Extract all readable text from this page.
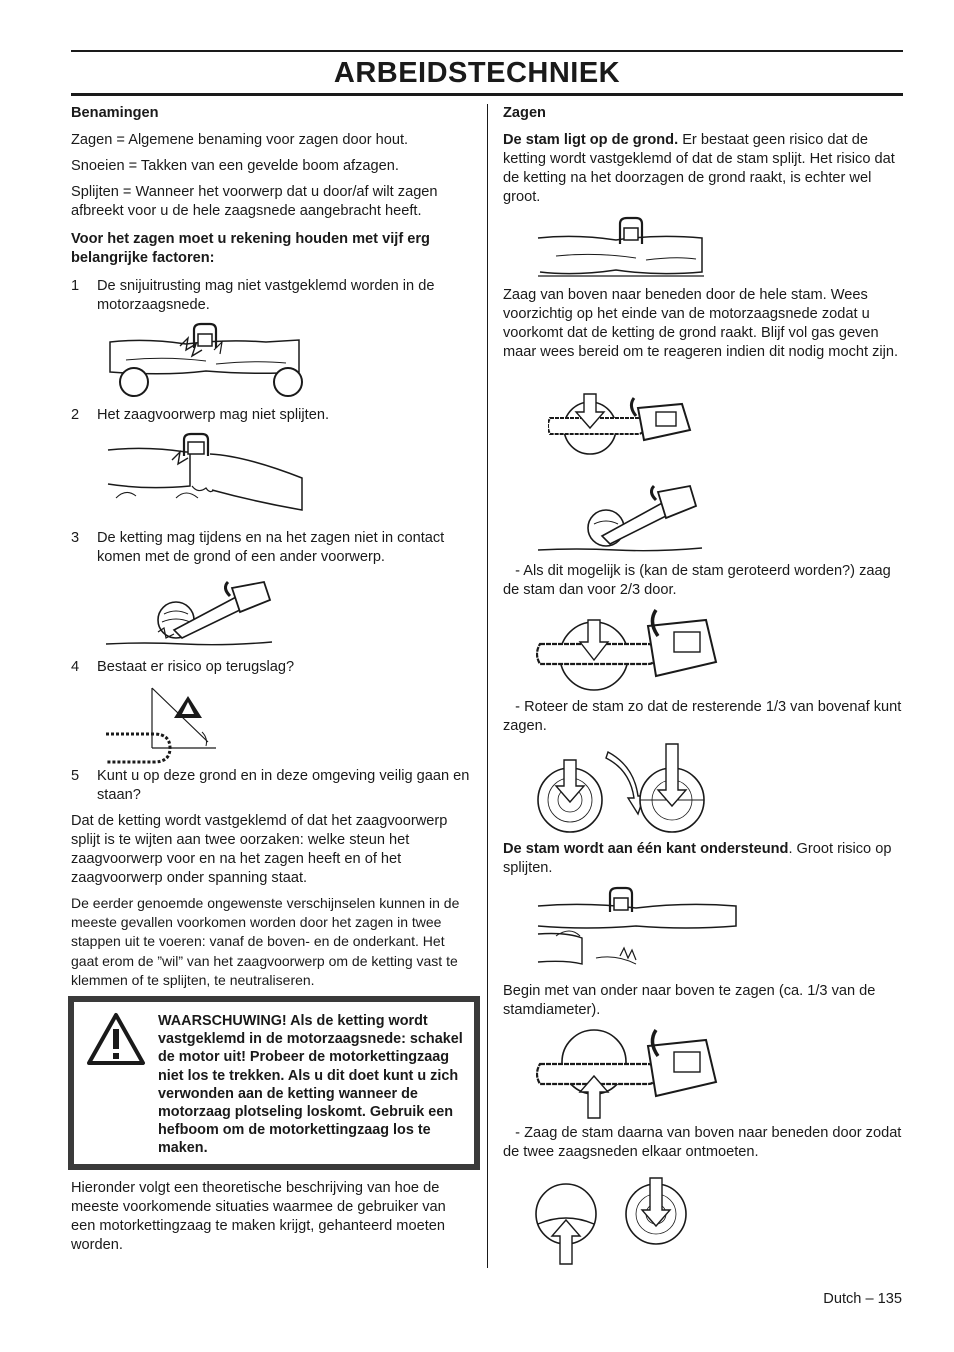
ARBEIDSTECHNIEK
Benamingen
Zagen = Algemene benaming voor zagen door hout.
Snoeien = Takken van een gevelde boom afzagen.
Splijten = Wanneer het voorwerp dat u door/af wilt zagen afbreekt voor u de hele zaagsnede aangebracht heeft.
Voor het zagen moet u rekening houden met vijf erg belangrijke factoren:
1 De snijuitrusting mag niet vastgeklemd worden in de motorzaagsnede.
2 Het zaagvoorwerp mag niet splijten.
3 De ketting mag tijdens en na het zagen niet in contact komen met de grond of een ander voorwerp.
4 Bestaat er risico op terugslag?
5 Kunt u op deze grond en in deze omgeving veilig gaan en staan?
Dat de ketting wordt vastgeklemd of dat het zaagvoorwerp splijt is te wijten aan twee oorzaken: welke steun het zaagvoorwerp voor en na het zagen heeft en of het zaagvoorwerp onder spanning staat.
De eerder genoemde ongewenste verschijnselen kunnen in de meeste gevallen voorkomen worden door het zagen in twee stappen uit te voeren: vanaf de boven- en de onderkant. Het gaat erom de ”wil” van het zaagvoorwerp om de ketting vast te klemmen of te splijten, te neutraliseren.
WAARSCHUWING! Als de ketting wordt vastgeklemd in de motorzaagsnede: schakel de motor uit! Probeer de motorkettingzaag niet los te trekken. Als u dit doet kunt u zich verwonden aan de ketting wanneer de motorzaag plotseling loskomt. Gebruik een hefboom om de motorkettingzaag los te maken.
Hieronder volgt een theoretische beschrijving van hoe de meeste voorkomende situaties waarmee de gebruiker van een motorkettingzaag te maken krijgt, gehanteerd moeten worden.
Zagen
De stam ligt op de grond. Er bestaat geen risico dat de ketting wordt vastgeklemd of dat de stam splijt. Het risico dat de ketting na het doorzagen de grond raakt, is echter wel groot.
Zaag van boven naar beneden door de hele stam. Wees voorzichtig op het einde van de motorzaagsnede zodat u voorkomt dat de ketting de grond raakt. Blijf vol gas geven maar wees bereid om te reageren indien dit nodig mocht zijn.
- Als dit mogelijk is (kan de stam geroteerd worden?) zaag de stam dan voor 2/3 door.
- Roteer de stam zo dat de resterende 1/3 van bovenaf kunt zagen.
De stam wordt aan één kant ondersteund. Groot risico op splijten.
Begin met van onder naar boven te zagen (ca. 1/3 van de stamdiameter).
- Zaag de stam daarna van boven naar beneden door zodat de twee zaagsneden elkaar ontmoeten.
Dutch – 135
